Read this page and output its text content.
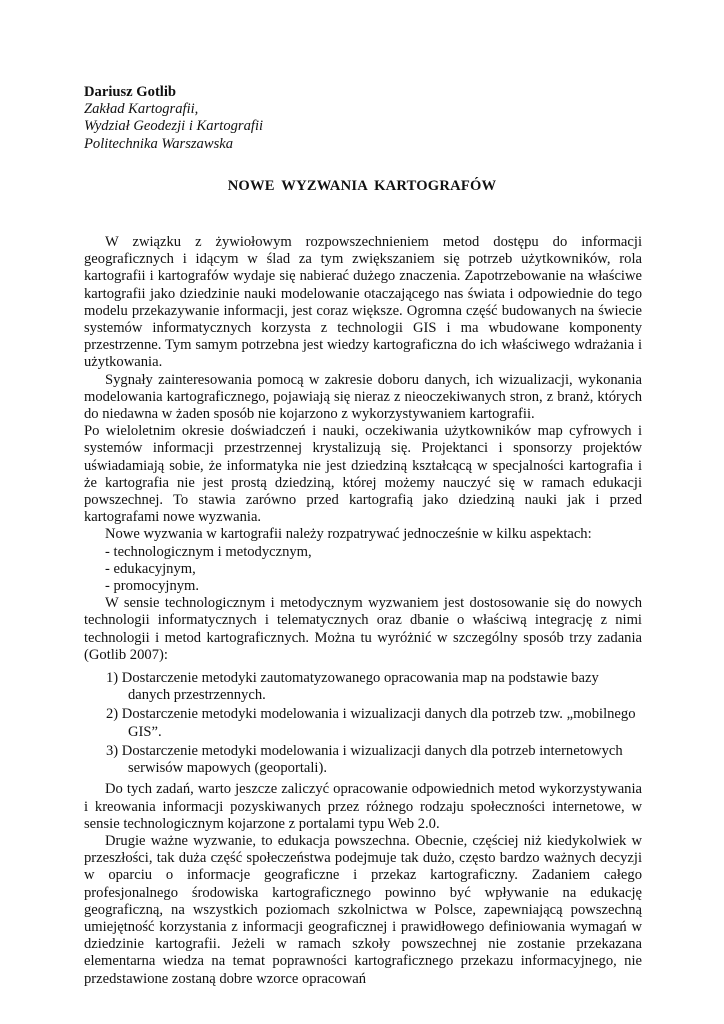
Dariusz Gotlib
Zakład Kartografii,
Wydział Geodezji i Kartografii
Politechnika Warszawska
NOWE WYZWANIA KARTOGRAFÓW

W związku z żywiołowym rozpowszechnieniem metod dostępu do informacji geograficznych i idącym w ślad za tym zwiększaniem się potrzeb użytkowników, rola kartografii i kartografów wydaje się nabierać dużego znaczenia. Zapotrzebowanie na właściwe kartografii jako dziedzinie nauki modelowanie otaczającego nas świata i odpowiednie do tego modelu przekazywanie informacji, jest coraz większe. Ogromna część budowanych na świecie systemów informatycznych korzysta z technologii GIS i ma wbudowane komponenty przestrzenne. Tym samym potrzebna jest wiedzy kartograficzna do ich właściwego wdrażania i użytkowania.

Sygnały zainteresowania pomocą w zakresie doboru danych, ich wizualizacji, wykonania modelowania kartograficznego, pojawiają się nieraz z nieoczekiwanych stron, z branż, których do niedawna w żaden sposób nie kojarzono z wykorzystywaniem kartografii.

Po wieloletnim okresie doświadczeń i nauki, oczekiwania użytkowników map cyfrowych i systemów informacji przestrzennej krystalizują się. Projektanci i sponsorzy projektów uświadamiają sobie, że informatyka nie jest dziedziną kształcącą w specjalności kartografia i że kartografia nie jest prostą dziedziną, której możemy nauczyć się w ramach edukacji powszechnej. To stawia zarówno przed kartografią jako dziedziną nauki jak i przed kartografami nowe wyzwania.

Nowe wyzwania w kartografii należy rozpatrywać jednocześnie w kilku aspektach:

- technologicznym i metodycznym,
- edukacyjnym,
- promocyjnym.

W sensie technologicznym i metodycznym wyzwaniem jest dostosowanie się do nowych technologii informatycznych i telematycznych oraz dbanie o właściwą integrację z nimi technologii i metod kartograficznych. Można tu wyróżnić w szczególny sposób trzy zadania (Gotlib 2007):

1) Dostarczenie metodyki zautomatyzowanego opracowania map na podstawie bazy danych przestrzennych.
2) Dostarczenie metodyki modelowania i wizualizacji danych dla potrzeb tzw. „mobilnego GIS”.
3) Dostarczenie metodyki modelowania i wizualizacji danych dla potrzeb internetowych serwisów mapowych (geoportali).

Do tych zadań, warto jeszcze zaliczyć opracowanie odpowiednich metod wykorzystywania i kreowania informacji pozyskiwanych przez różnego rodzaju społeczności internetowe, w sensie technologicznym kojarzone z portalami typu Web 2.0.

Drugie ważne wyzwanie, to edukacja powszechna. Obecnie, częściej niż kiedykolwiek w przeszłości, tak duża część społeczeństwa podejmuje tak dużo, często bardzo ważnych decyzji w oparciu o informacje geograficzne i przekaz kartograficzny. Zadaniem całego profesjonalnego środowiska kartograficznego powinno być wpływanie na edukację geograficzną, na wszystkich poziomach szkolnictwa w Polsce, zapewniającą powszechną umiejętność korzystania z informacji geograficznej i prawidłowego definiowania wymagań w dziedzinie kartografii. Jeżeli w ramach szkoły powszechnej nie zostanie przekazana elementarna wiedza na temat poprawności kartograficznego przekazu informacyjnego, nie przedstawione zostaną dobre wzorce opracowań
